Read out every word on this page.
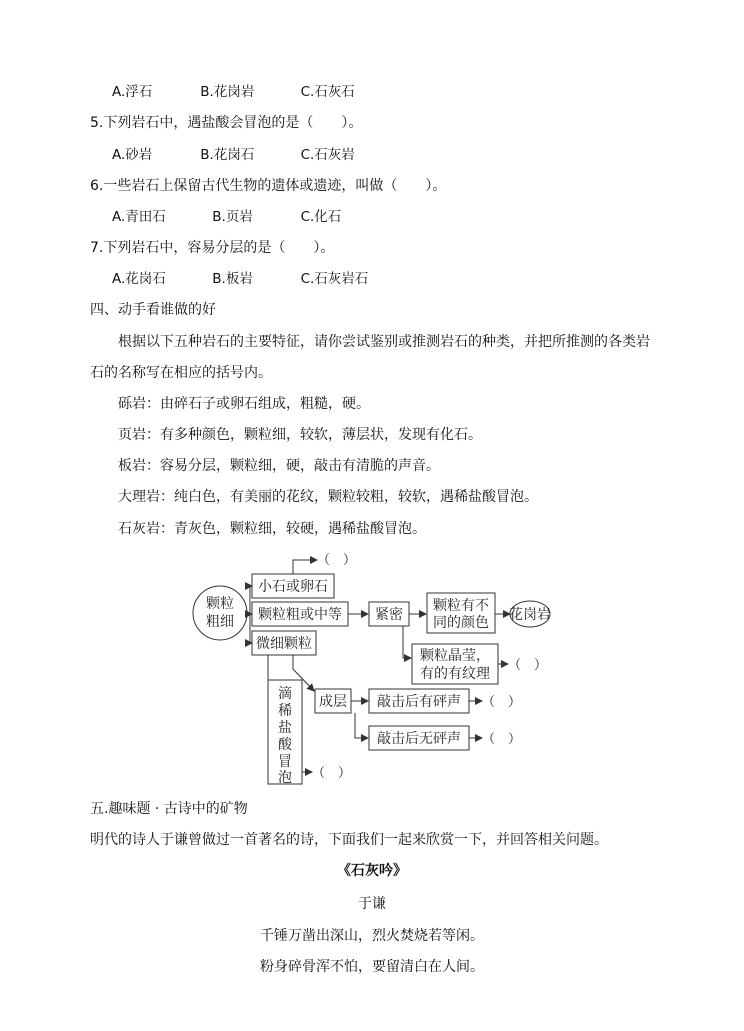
A.浮石	B.花岗岩	C.石灰石
5.下列岩石中，遇盐酸会冒泡的是（　　）。
A.砂岩	B.花岗石	C.石灰岩
6.一些岩石上保留古代生物的遗体或遗迹，叫做（　　）。
A.青田石	B.页岩	C.化石
7.下列岩石中，容易分层的是（　　）。
A.花岗石	B.板岩	C.石灰岩石
四、动手看谁做的好
根据以下五种岩石的主要特征，请你尝试鉴别或推测岩石的种类，并把所推测的各类岩
石的名称写在相应的括号内。
砾岩：由碎石子或卵石组成，粗糙，硬。
页岩：有多种颜色，颗粒细，较软，薄层状，发现有化石。
板岩：容易分层，颗粒细，硬，敲击有清脆的声音。
大理岩：纯白色，有美丽的花纹，颗粒较粗，较软，遇稀盐酸冒泡。
石灰岩：青灰色，颗粒细，较硬，遇稀盐酸冒泡。
颗粒
粗细
小石或卵石
颗粒粗或中等
微细颗粒
紧密
颗粒有不
同的颜色 花岗岩
颗粒晶莹，
有的有纹理
滴
稀
盐
酸
冒
泡
成层 敲击后有砰声
敲击后无砰声
（　）
（　）
（　）
（　）
（　）
五.趣味题 · 古诗中的矿物
明代的诗人于谦曾做过一首著名的诗，下面我们一起来欣赏一下，并回答相关问题。
《石灰吟》
于谦
千锤万凿出深山，烈火焚烧若等闲。
粉身碎骨浑不怕，要留清白在人间。
